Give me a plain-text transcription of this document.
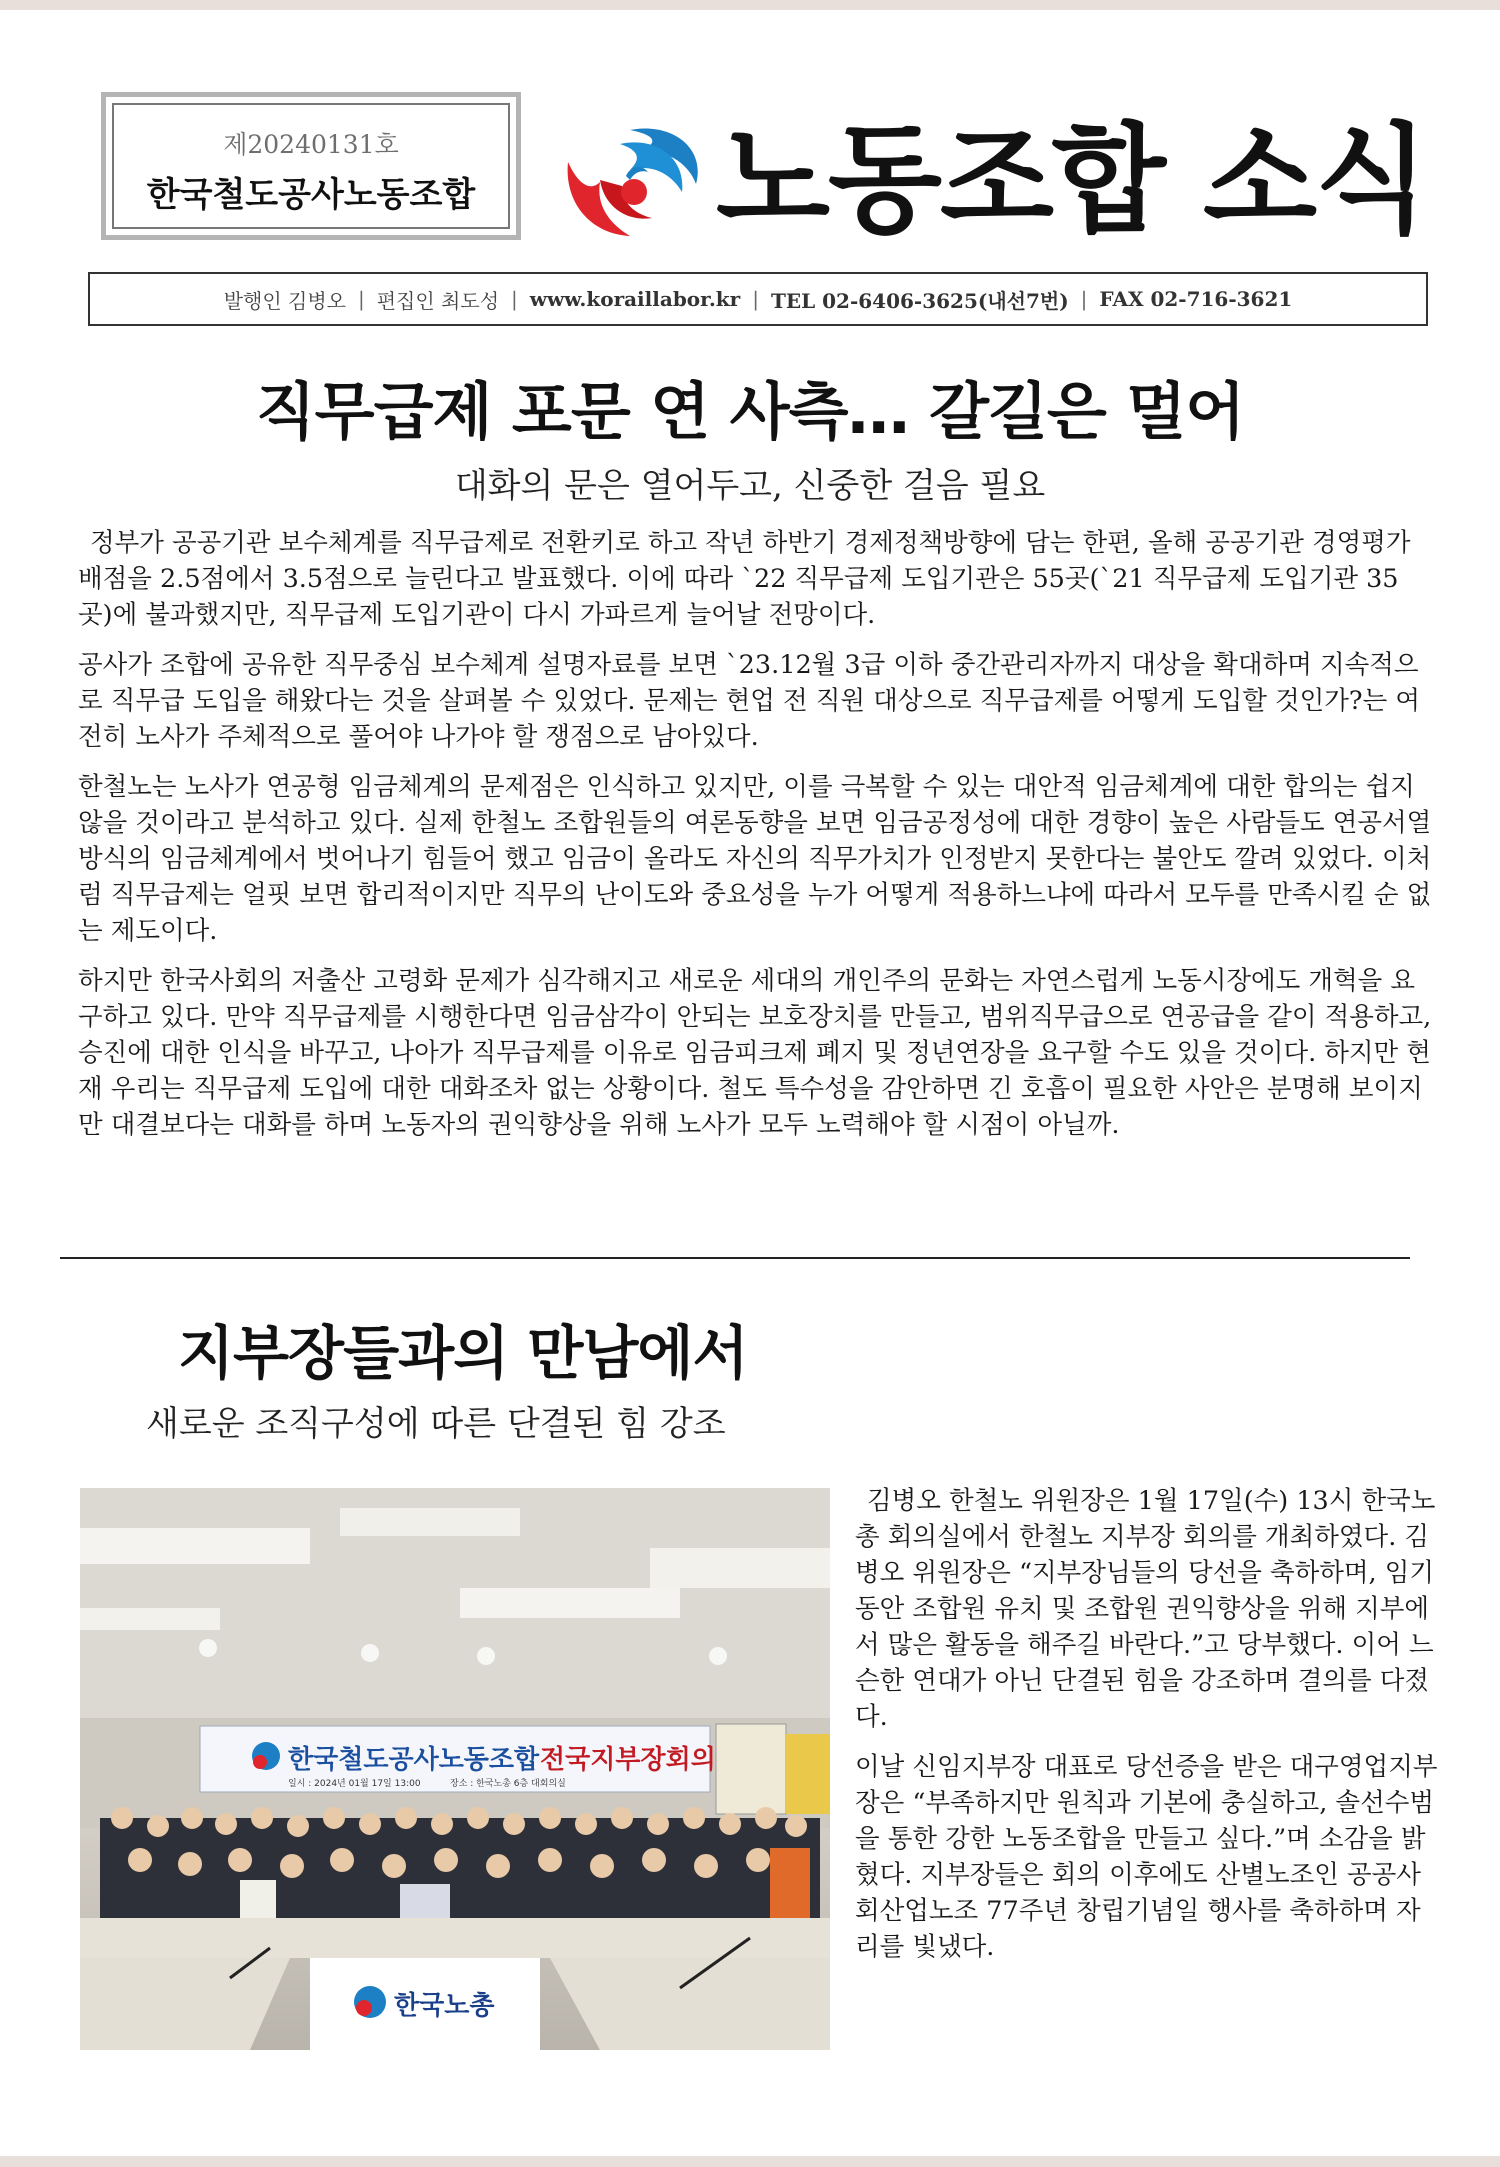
제20240131호
한국철도공사노동조합	노동조합 소식
발행인 김병오 | 편집인 최도성 | www.koraillabor.kr | TEL 02-6406-3625(내선7번) | FAX 02-716-3621
직무급제 포문 연 사측… 갈길은 멀어
대화의 문은 열어두고, 신중한 걸음 필요

정부가 공공기관 보수체계를 직무급제로 전환키로 하고 작년 하반기 경제정책방향에 담는 한편, 올해 공공기관 경영평가 배점을 2.5점에서 3.5점으로 늘린다고 발표했다. 이에 따라 `22 직무급제 도입기관은 55곳(`21 직무급제 도입기관 35곳)에 불과했지만, 직무급제 도입기관이 다시 가파르게 늘어날 전망이다.

공사가 조합에 공유한 직무중심 보수체계 설명자료를 보면 `23.12월 3급 이하 중간관리자까지 대상을 확대하며 지속적으로 직무급 도입을 해왔다는 것을 살펴볼 수 있었다. 문제는 현업 전 직원 대상으로 직무급제를 어떻게 도입할 것인가?는 여전히 노사가 주체적으로 풀어야 나가야 할 쟁점으로 남아있다.

한철노는 노사가 연공형 임금체계의 문제점은 인식하고 있지만, 이를 극복할 수 있는 대안적 임금체계에 대한 합의는 쉽지 않을 것이라고 분석하고 있다. 실제 한철노 조합원들의 여론동향을 보면 임금공정성에 대한 경향이 높은 사람들도 연공서열 방식의 임금체계에서 벗어나기 힘들어 했고 임금이 올라도 자신의 직무가치가 인정받지 못한다는 불안도 깔려 있었다. 이처럼 직무급제는 얼핏 보면 합리적이지만 직무의 난이도와 중요성을 누가 어떻게 적용하느냐에 따라서 모두를 만족시킬 순 없는 제도이다.

하지만 한국사회의 저출산 고령화 문제가 심각해지고 새로운 세대의 개인주의 문화는 자연스럽게 노동시장에도 개혁을 요구하고 있다. 만약 직무급제를 시행한다면 임금삼각이 안되는 보호장치를 만들고, 범위직무급으로 연공급을 같이 적용하고, 승진에 대한 인식을 바꾸고, 나아가 직무급제를 이유로 임금피크제 폐지 및 정년연장을 요구할 수도 있을 것이다. 하지만 현재 우리는 직무급제 도입에 대한 대화조차 없는 상황이다. 철도 특수성을 감안하면 긴 호흡이 필요한 사안은 분명해 보이지만 대결보다는 대화를 하며 노동자의 권익향상을 위해 노사가 모두 노력해야 할 시점이 아닐까.

지부장들과의 만남에서
새로운 조직구성에 따른 단결된 힘 강조
한국철도공사노동조합 전국지부장회의
일시 : 2024년 01월 17일 13:00	장소 : 한국노총 6층 대회의실
한국노총

김병오 한철노 위원장은 1월 17일(수) 13시 한국노총 회의실에서 한철노 지부장 회의를 개최하였다. 김병오 위원장은 “지부장님들의 당선을 축하하며, 임기동안 조합원 유치 및 조합원 권익향상을 위해 지부에서 많은 활동을 해주길 바란다.”고 당부했다. 이어 느슨한 연대가 아닌 단결된 힘을 강조하며 결의를 다졌다.

이날 신임지부장 대표로 당선증을 받은 대구영업지부장은 “부족하지만 원칙과 기본에 충실하고, 솔선수범을 통한 강한 노동조합을 만들고 싶다.”며 소감을 밝혔다. 지부장들은 회의 이후에도 산별노조인 공공사회산업노조 77주년 창립기념일 행사를 축하하며 자리를 빛냈다.
